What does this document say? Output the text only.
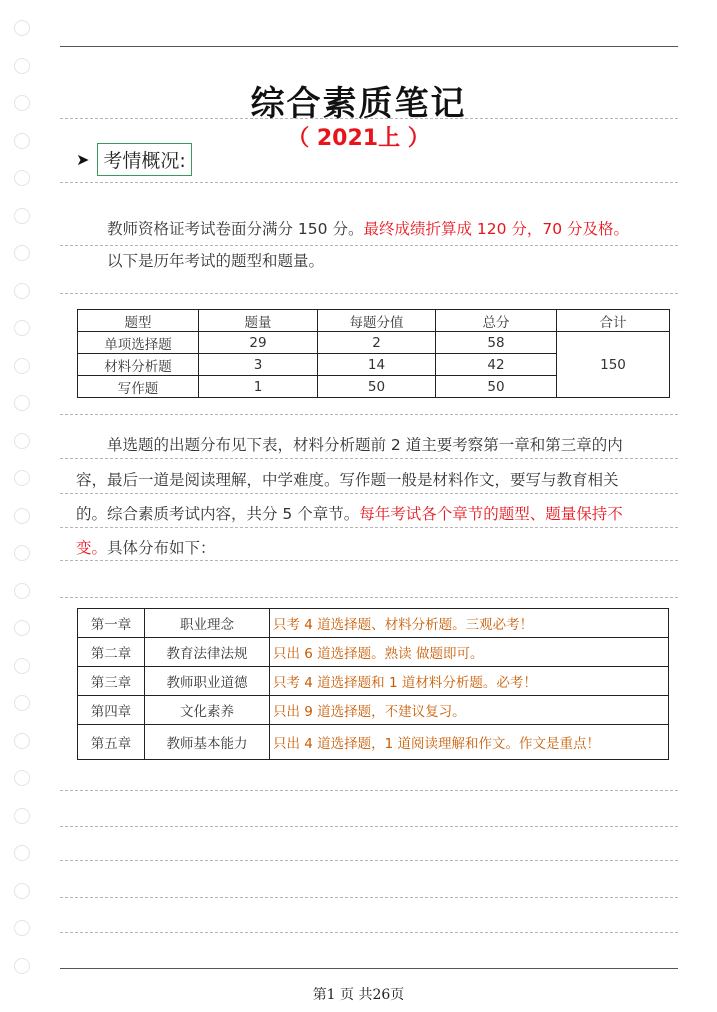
综合素质笔记
（ 2021上 ）
➤ 考情概况:
教师资格证考试卷面分满分 150 分。最终成绩折算成 120 分，70 分及格。
以下是历年考试的题型和题量。
题型	题量	每题分值	总分	合计
单项选择题	29	2	58	150
材料分析题	3	14	42	
写作题	1	50	50	
单选题的出题分布见下表，材料分析题前 2 道主要考察第一章和第三章的内
容，最后一道是阅读理解，中学难度。写作题一般是材料作文，要写与教育相关
的。综合素质考试内容，共分 5 个章节。每年考试各个章节的题型、题量保持不
变。具体分布如下：
第一章	职业理念	只考 4 道选择题、材料分析题。三观必考！
第二章	教育法律法规	只出 6 道选择题。熟读 做题即可。
第三章	教师职业道德	只考 4 道选择题和 1 道材料分析题。必考！
第四章	文化素养	只出 9 道选择题，不建议复习。
第五章	教师基本能力	只出 4 道选择题，1 道阅读理解和作文。作文是重点！
第1 页 共26页
